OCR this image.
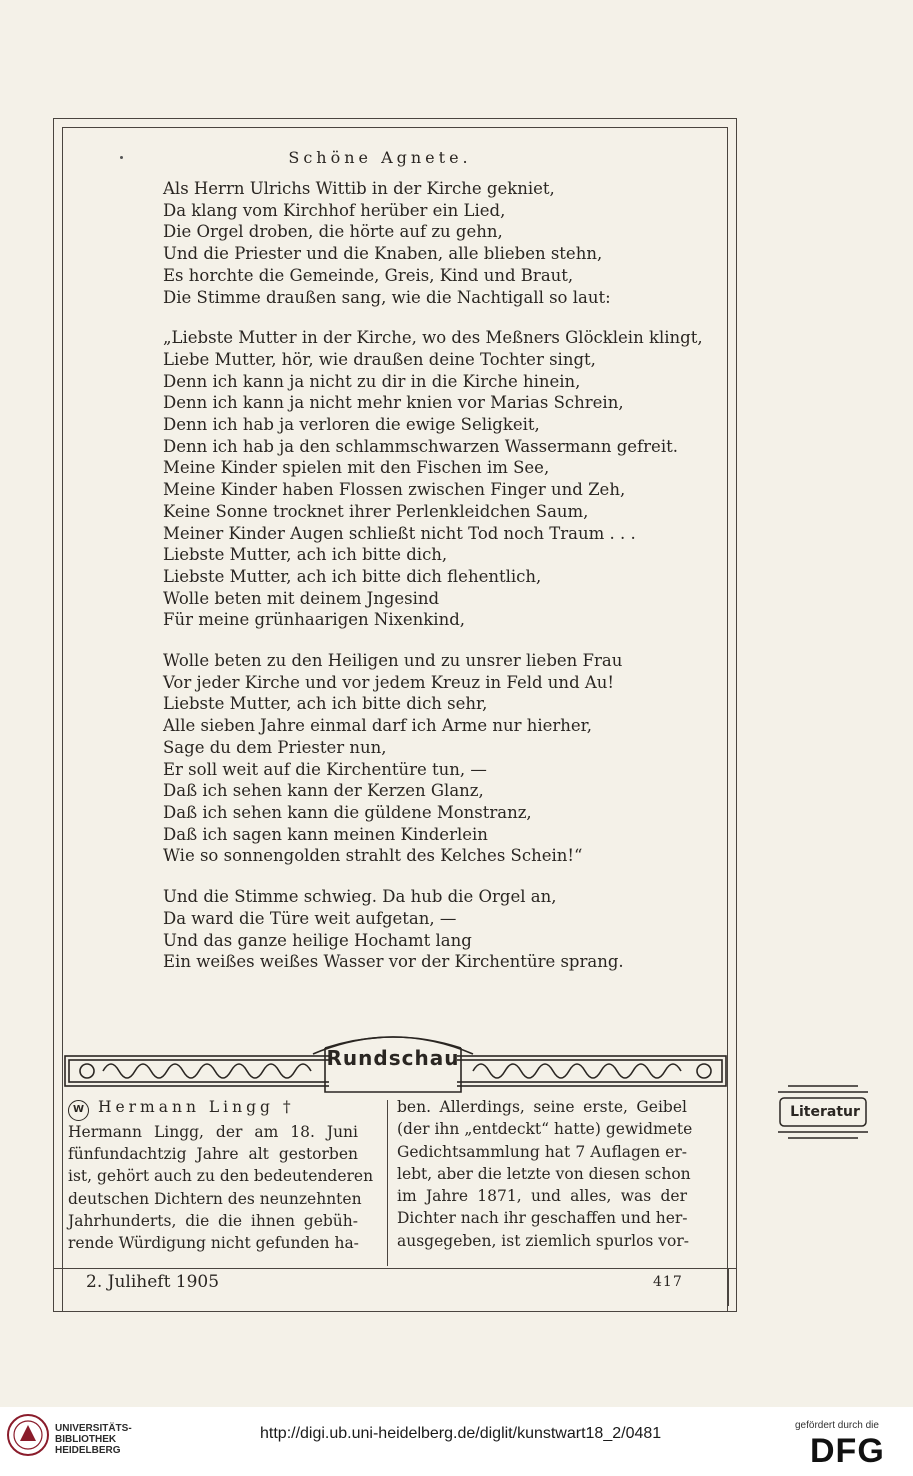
Schöne Agnete.
Als Herrn Ulrichs Wittib in der Kirche gekniet,
Da klang vom Kirchhof herüber ein Lied,
Die Orgel droben, die hörte auf zu gehn,
Und die Priester und die Knaben, alle blieben stehn,
Es horchte die Gemeinde, Greis, Kind und Braut,
Die Stimme draußen sang, wie die Nachtigall so laut:
„Liebste Mutter in der Kirche, wo des Meßners Glöcklein klingt,
Liebe Mutter, hör, wie draußen deine Tochter singt,
Denn ich kann ja nicht zu dir in die Kirche hinein,
Denn ich kann ja nicht mehr knien vor Marias Schrein,
Denn ich hab ja verloren die ewige Seligkeit,
Denn ich hab ja den schlammschwarzen Wassermann gefreit.
Meine Kinder spielen mit den Fischen im See,
Meine Kinder haben Flossen zwischen Finger und Zeh,
Keine Sonne trocknet ihrer Perlenkleidchen Saum,
Meiner Kinder Augen schließt nicht Tod noch Traum . . .
Liebste Mutter, ach ich bitte dich,
Liebste Mutter, ach ich bitte dich flehentlich,
Wolle beten mit deinem Jngesind
Für meine grünhaarigen Nixenkind,
Wolle beten zu den Heiligen und zu unsrer lieben Frau
Vor jeder Kirche und vor jedem Kreuz in Feld und Au!
Liebste Mutter, ach ich bitte dich sehr,
Alle sieben Jahre einmal darf ich Arme nur hierher,
Sage du dem Priester nun,
Er soll weit auf die Kirchentüre tun, —
Daß ich sehen kann der Kerzen Glanz,
Daß ich sehen kann die güldene Monstranz,
Daß ich sagen kann meinen Kinderlein
Wie so sonnengolden strahlt des Kelches Schein!“
Und die Stimme schwieg. Da hub die Orgel an,
Da ward die Türe weit aufgetan, —
Und das ganze heilige Hochamt lang
Ein weißes weißes Wasser vor der Kirchentüre sprang.
Rundschau
Literatur
W Hermann Lingg †
Hermann Lingg, der am 18. Juni
fünfundachtzig Jahre alt gestorben
ist, gehört auch zu den bedeutenderen
deutschen Dichtern des neunzehnten
Jahrhunderts, die die ihnen gebüh-
rende Würdigung nicht gefunden ha-
ben. Allerdings, seine erste, Geibel
(der ihn „entdeckt“ hatte) gewidmete
Gedichtsammlung hat 7 Auflagen er-
lebt, aber die letzte von diesen schon
im Jahre 1871, und alles, was der
Dichter nach ihr geschaffen und her-
ausgegeben, ist ziemlich spurlos vor-
2. Juliheft 1905	417
UNIVERSITÄTS-
BIBLIOTHEK
HEIDELBERG
http://digi.ub.uni-heidelberg.de/diglit/kunstwart18_2/0481	gefördert durch die
DFG
